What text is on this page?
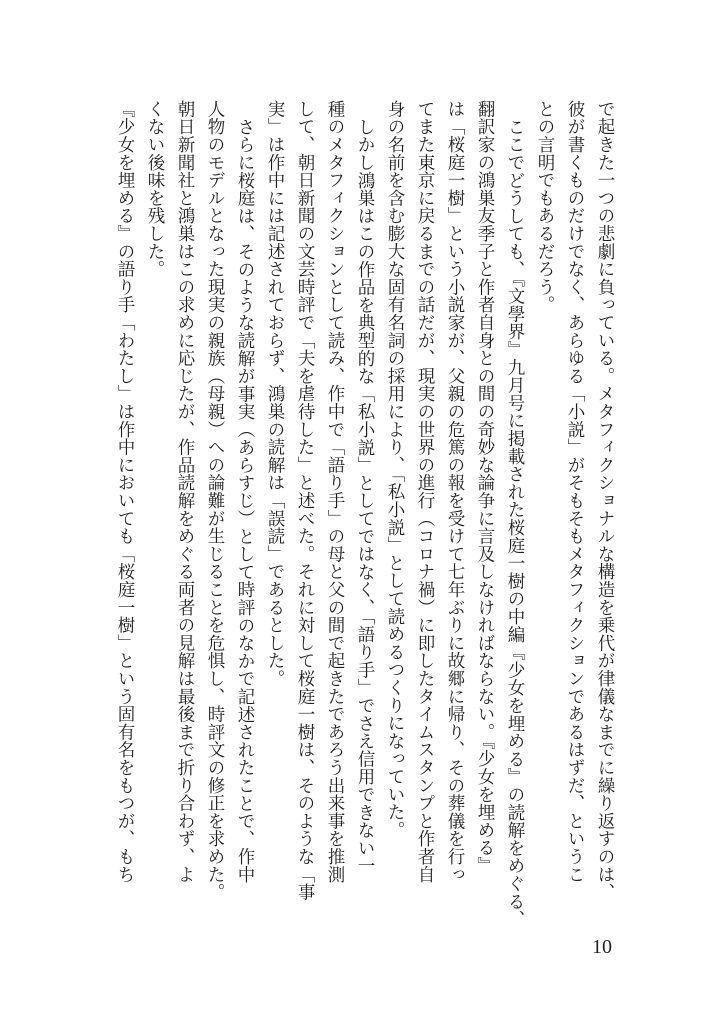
で起きた一つの悲劇に負っている。メタフィクショナルな構造を乗代が律儀なまでに繰り返すのは、
彼が書くものだけでなく、あらゆる「小説」がそもそもメタフィクションであるはずだ、というこ
との言明でもあるだろう。
ここでどうしても、『文學界』九月号に掲載された桜庭一樹の中編『少女を埋める』の読解をめぐる、
翻訳家の鴻巣友季子と作者自身との間の奇妙な論争に言及しなければならない。『少女を埋める』
は「桜庭一樹」という小説家が、父親の危篤の報を受けて七年ぶりに故郷に帰り、その葬儀を行っ
てまた東京に戻るまでの話だが、現実の世界の進行（コロナ禍）に即したタイムスタンプと作者自
身の名前を含む膨大な固有名詞の採用により、「私小説」として読めるつくりになっていた。
しかし鴻巣はこの作品を典型的な「私小説」としてではなく、「語り手」でさえ信用できない一
種のメタフィクションとして読み、作中で「語り手」の母と父の間で起きたであろう出来事を推測
して、朝日新聞の文芸時評で「夫を虐待した」と述べた。それに対して桜庭一樹は、そのような「事
実」は作中には記述されておらず、鴻巣の読解は「誤読」であるとした。
さらに桜庭は、そのような読解が事実（あらすじ）として時評のなかで記述されたことで、作中
人物のモデルとなった現実の親族（母親）への論難が生じることを危惧し、時評文の修正を求めた。
朝日新聞社と鴻巣はこの求めに応じたが、作品読解をめぐる両者の見解は最後まで折り合わず、よ
くない後味を残した。
『少女を埋める』の語り手「わたし」は作中においても「桜庭一樹」という固有名をもつが、もち
10
